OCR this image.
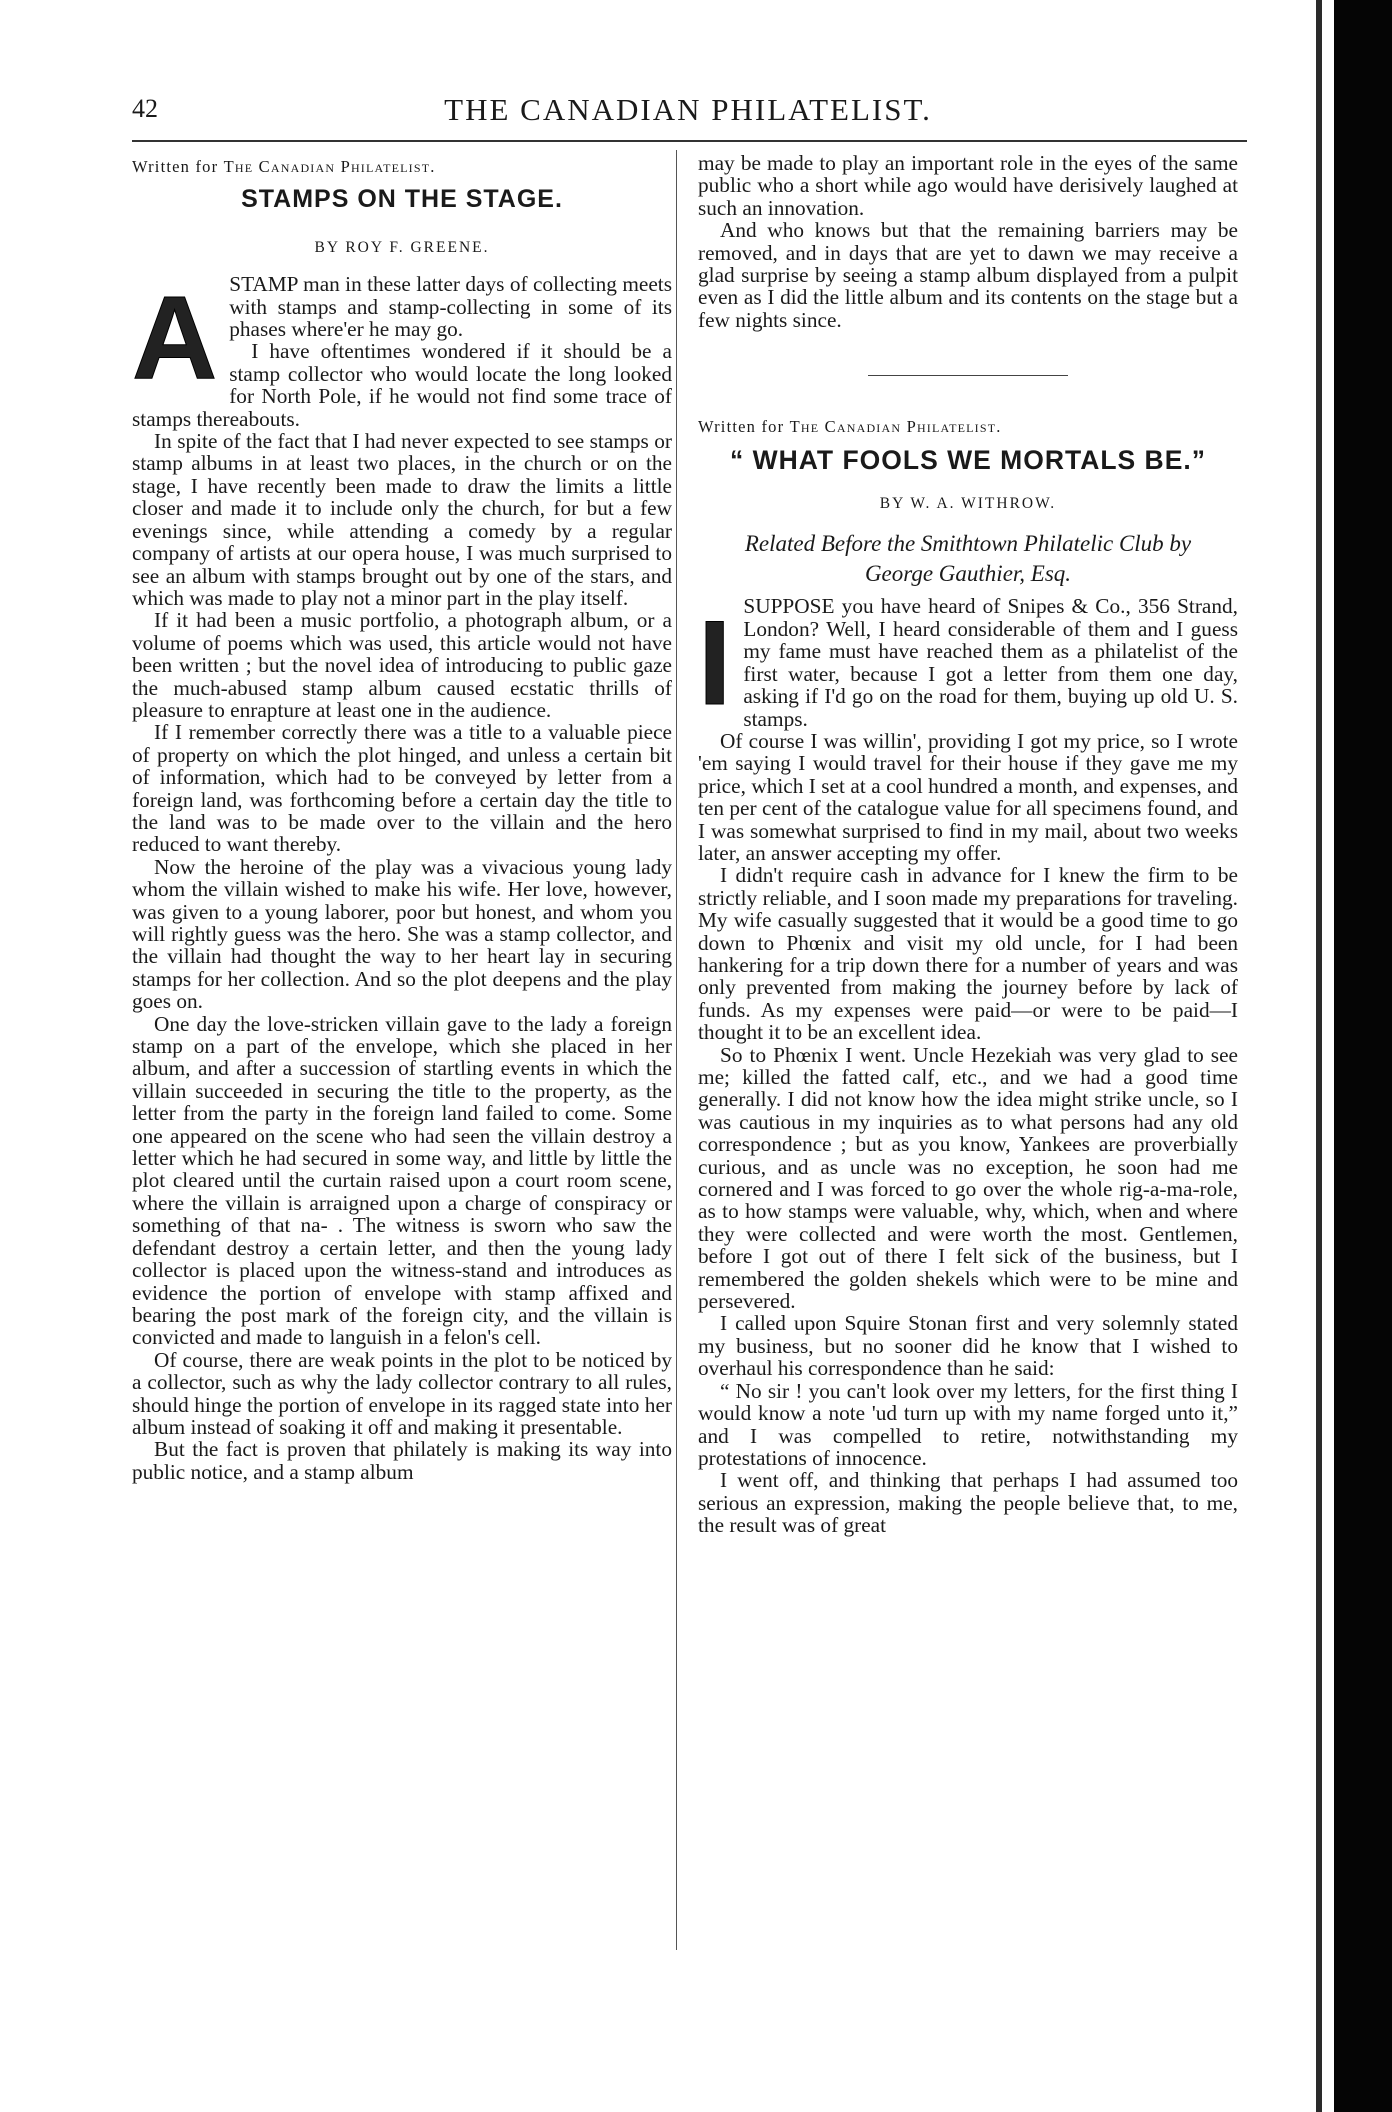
42	THE CANADIAN PHILATELIST.

Written for The Canadian Philatelist.

STAMPS ON THE STAGE.

BY ROY F. GREENE.

ASTAMP man in these latter days of collecting meets with stamps and stamp-collecting in some of its phases where'er he may go.

I have oftentimes wondered if it should be a stamp collector who would locate the long looked for North Pole, if he would not find some trace of stamps thereabouts.

In spite of the fact that I had never expected to see stamps or stamp albums in at least two places, in the church or on the stage, I have recently been made to draw the limits a little closer and made it to include only the church, for but a few evenings since, while attending a comedy by a regular company of artists at our opera house, I was much surprised to see an album with stamps brought out by one of the stars, and which was made to play not a minor part in the play itself.

If it had been a music portfolio, a photograph album, or a volume of poems which was used, this article would not have been written ; but the novel idea of introducing to public gaze the much-abused stamp album caused ecstatic thrills of pleasure to enrapture at least one in the audience.

If I remember correctly there was a title to a valuable piece of property on which the plot hinged, and unless a certain bit of information, which had to be conveyed by letter from a foreign land, was forthcoming before a certain day the title to the land was to be made over to the villain and the hero reduced to want thereby.

Now the heroine of the play was a vivacious young lady whom the villain wished to make his wife. Her love, however, was given to a young laborer, poor but honest, and whom you will rightly guess was the hero. She was a stamp collector, and the villain had thought the way to her heart lay in securing stamps for her collection. And so the plot deepens and the play goes on.

One day the love-stricken villain gave to the lady a foreign stamp on a part of the envelope, which she placed in her album, and after a succession of startling events in which the villain succeeded in securing the title to the property, as the letter from the party in the foreign land failed to come. Some one appeared on the scene who had seen the villain destroy a letter which he had secured in some way, and little by little the plot cleared until the curtain raised upon a court room scene, where the villain is arraigned upon a charge of conspiracy or something of that na- . The witness is sworn who saw the defendant destroy a certain letter, and then the young lady collector is placed upon the witness-stand and introduces as evidence the portion of envelope with stamp affixed and bearing the post mark of the foreign city, and the villain is convicted and made to languish in a felon's cell.

Of course, there are weak points in the plot to be noticed by a collector, such as why the lady collector contrary to all rules, should hinge the portion of envelope in its ragged state into her album instead of soaking it off and making it presentable.

But the fact is proven that philately is making its way into public notice, and a stamp album

may be made to play an important role in the eyes of the same public who a short while ago would have derisively laughed at such an innovation.

And who knows but that the remaining barriers may be removed, and in days that are yet to dawn we may receive a glad surprise by seeing a stamp album displayed from a pulpit even as I did the little album and its contents on the stage but a few nights since.

Written for The Canadian Philatelist.

“ WHAT FOOLS WE MORTALS BE.”

BY W. A. WITHROW.

Related Before the Smithtown Philatelic Club by
George Gauthier, Esq.

ISUPPOSE you have heard of Snipes & Co., 356 Strand, London? Well, I heard considerable of them and I guess my fame must have reached them as a philatelist of the first water, because I got a letter from them one day, asking if I'd go on the road for them, buying up old U. S. stamps.

Of course I was willin', providing I got my price, so I wrote 'em saying I would travel for their house if they gave me my price, which I set at a cool hundred a month, and expenses, and ten per cent of the catalogue value for all specimens found, and I was somewhat surprised to find in my mail, about two weeks later, an answer accepting my offer.

I didn't require cash in advance for I knew the firm to be strictly reliable, and I soon made my preparations for traveling. My wife casually suggested that it would be a good time to go down to Phœnix and visit my old uncle, for I had been hankering for a trip down there for a number of years and was only prevented from making the journey before by lack of funds. As my expenses were paid—or were to be paid—I thought it to be an excellent idea.

So to Phœnix I went. Uncle Hezekiah was very glad to see me; killed the fatted calf, etc., and we had a good time generally. I did not know how the idea might strike uncle, so I was cautious in my inquiries as to what persons had any old correspondence ; but as you know, Yankees are proverbially curious, and as uncle was no exception, he soon had me cornered and I was forced to go over the whole rig-a-ma-role, as to how stamps were valuable, why, which, when and where they were collected and were worth the most. Gentlemen, before I got out of there I felt sick of the business, but I remembered the golden shekels which were to be mine and persevered.

I called upon Squire Stonan first and very solemnly stated my business, but no sooner did he know that I wished to overhaul his correspondence than he said:

“ No sir ! you can't look over my letters, for the first thing I would know a note 'ud turn up with my name forged unto it,” and I was compelled to retire, notwithstanding my protestations of innocence.

I went off, and thinking that perhaps I had assumed too serious an expression, making the people believe that, to me, the result was of great
